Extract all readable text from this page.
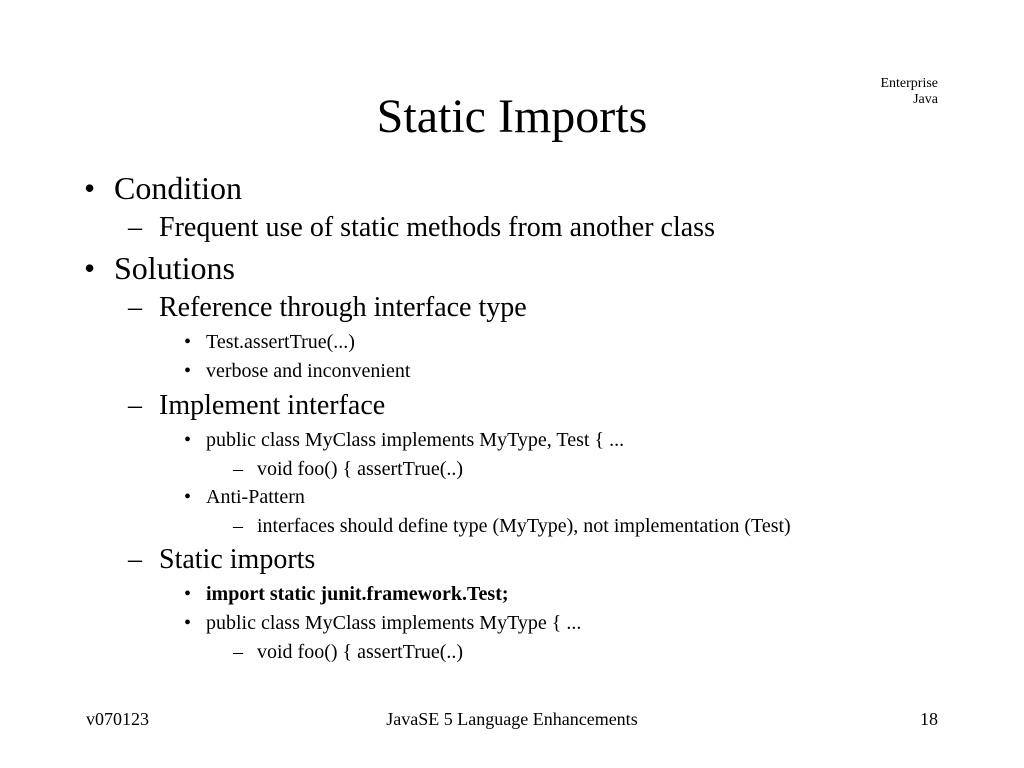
Enterprise
Java
Static Imports
• Condition
– Frequent use of static methods from another class
• Solutions
– Reference through interface type
• Test.assertTrue(...)
• verbose and inconvenient
– Implement interface
• public class MyClass implements MyType, Test { ...
– void foo() { assertTrue(..)
• Anti-Pattern
– interfaces should define type (MyType), not implementation (Test)
– Static imports
• import static junit.framework.Test;
• public class MyClass implements MyType { ...
– void foo() { assertTrue(..)
v070123	JavaSE 5 Language Enhancements	18
